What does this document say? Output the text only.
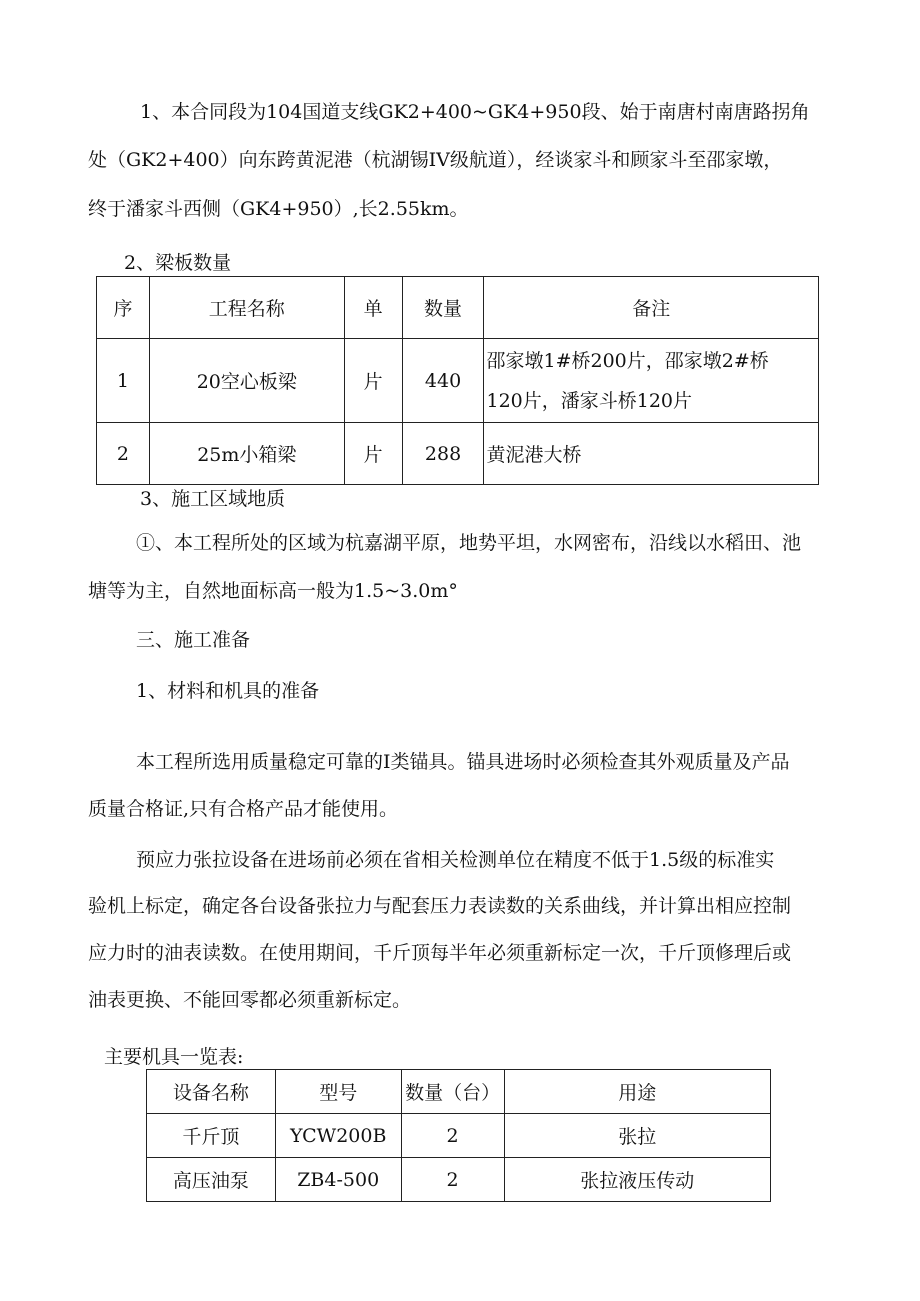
1、本合同段为104国道支线GK2+400~GK4+950段、始于南唐村南唐路拐角

处（GK2+400）向东跨黄泥港（杭湖锡IV级航道），经谈家斗和顾家斗至邵家墩，

终于潘家斗西侧（GK4+950）,长2.55km。

2、梁板数量

序	工程名称	单	数量	备注
1	20空心板梁	片	440	邵家墩1#桥200片，邵家墩2#桥
120片，潘家斗桥120片

2	25m小箱梁	片	288	黄泥港大桥

3、施工区域地质

①、本工程所处的区域为杭嘉湖平原，地势平坦，水网密布，沿线以水稻田、池

塘等为主，自然地面标高一般为1.5~3.0m°

三、施工准备

1、材料和机具的准备

本工程所选用质量稳定可靠的I类锚具。锚具进场时必须检查其外观质量及产品

质量合格证,只有合格产品才能使用。

预应力张拉设备在进场前必须在省相关检测单位在精度不低于1.5级的标准实

验机上标定，确定各台设备张拉力与配套压力表读数的关系曲线，并计算出相应控制

应力时的油表读数。在使用期间，千斤顶每半年必须重新标定一次，千斤顶修理后或

油表更换、不能回零都必须重新标定。

主要机具一览表:

设备名称	型号	数量（台）	用途
千斤顶	YCW200B	2	张拉
高压油泵	ZB4-500	2	张拉液压传动
